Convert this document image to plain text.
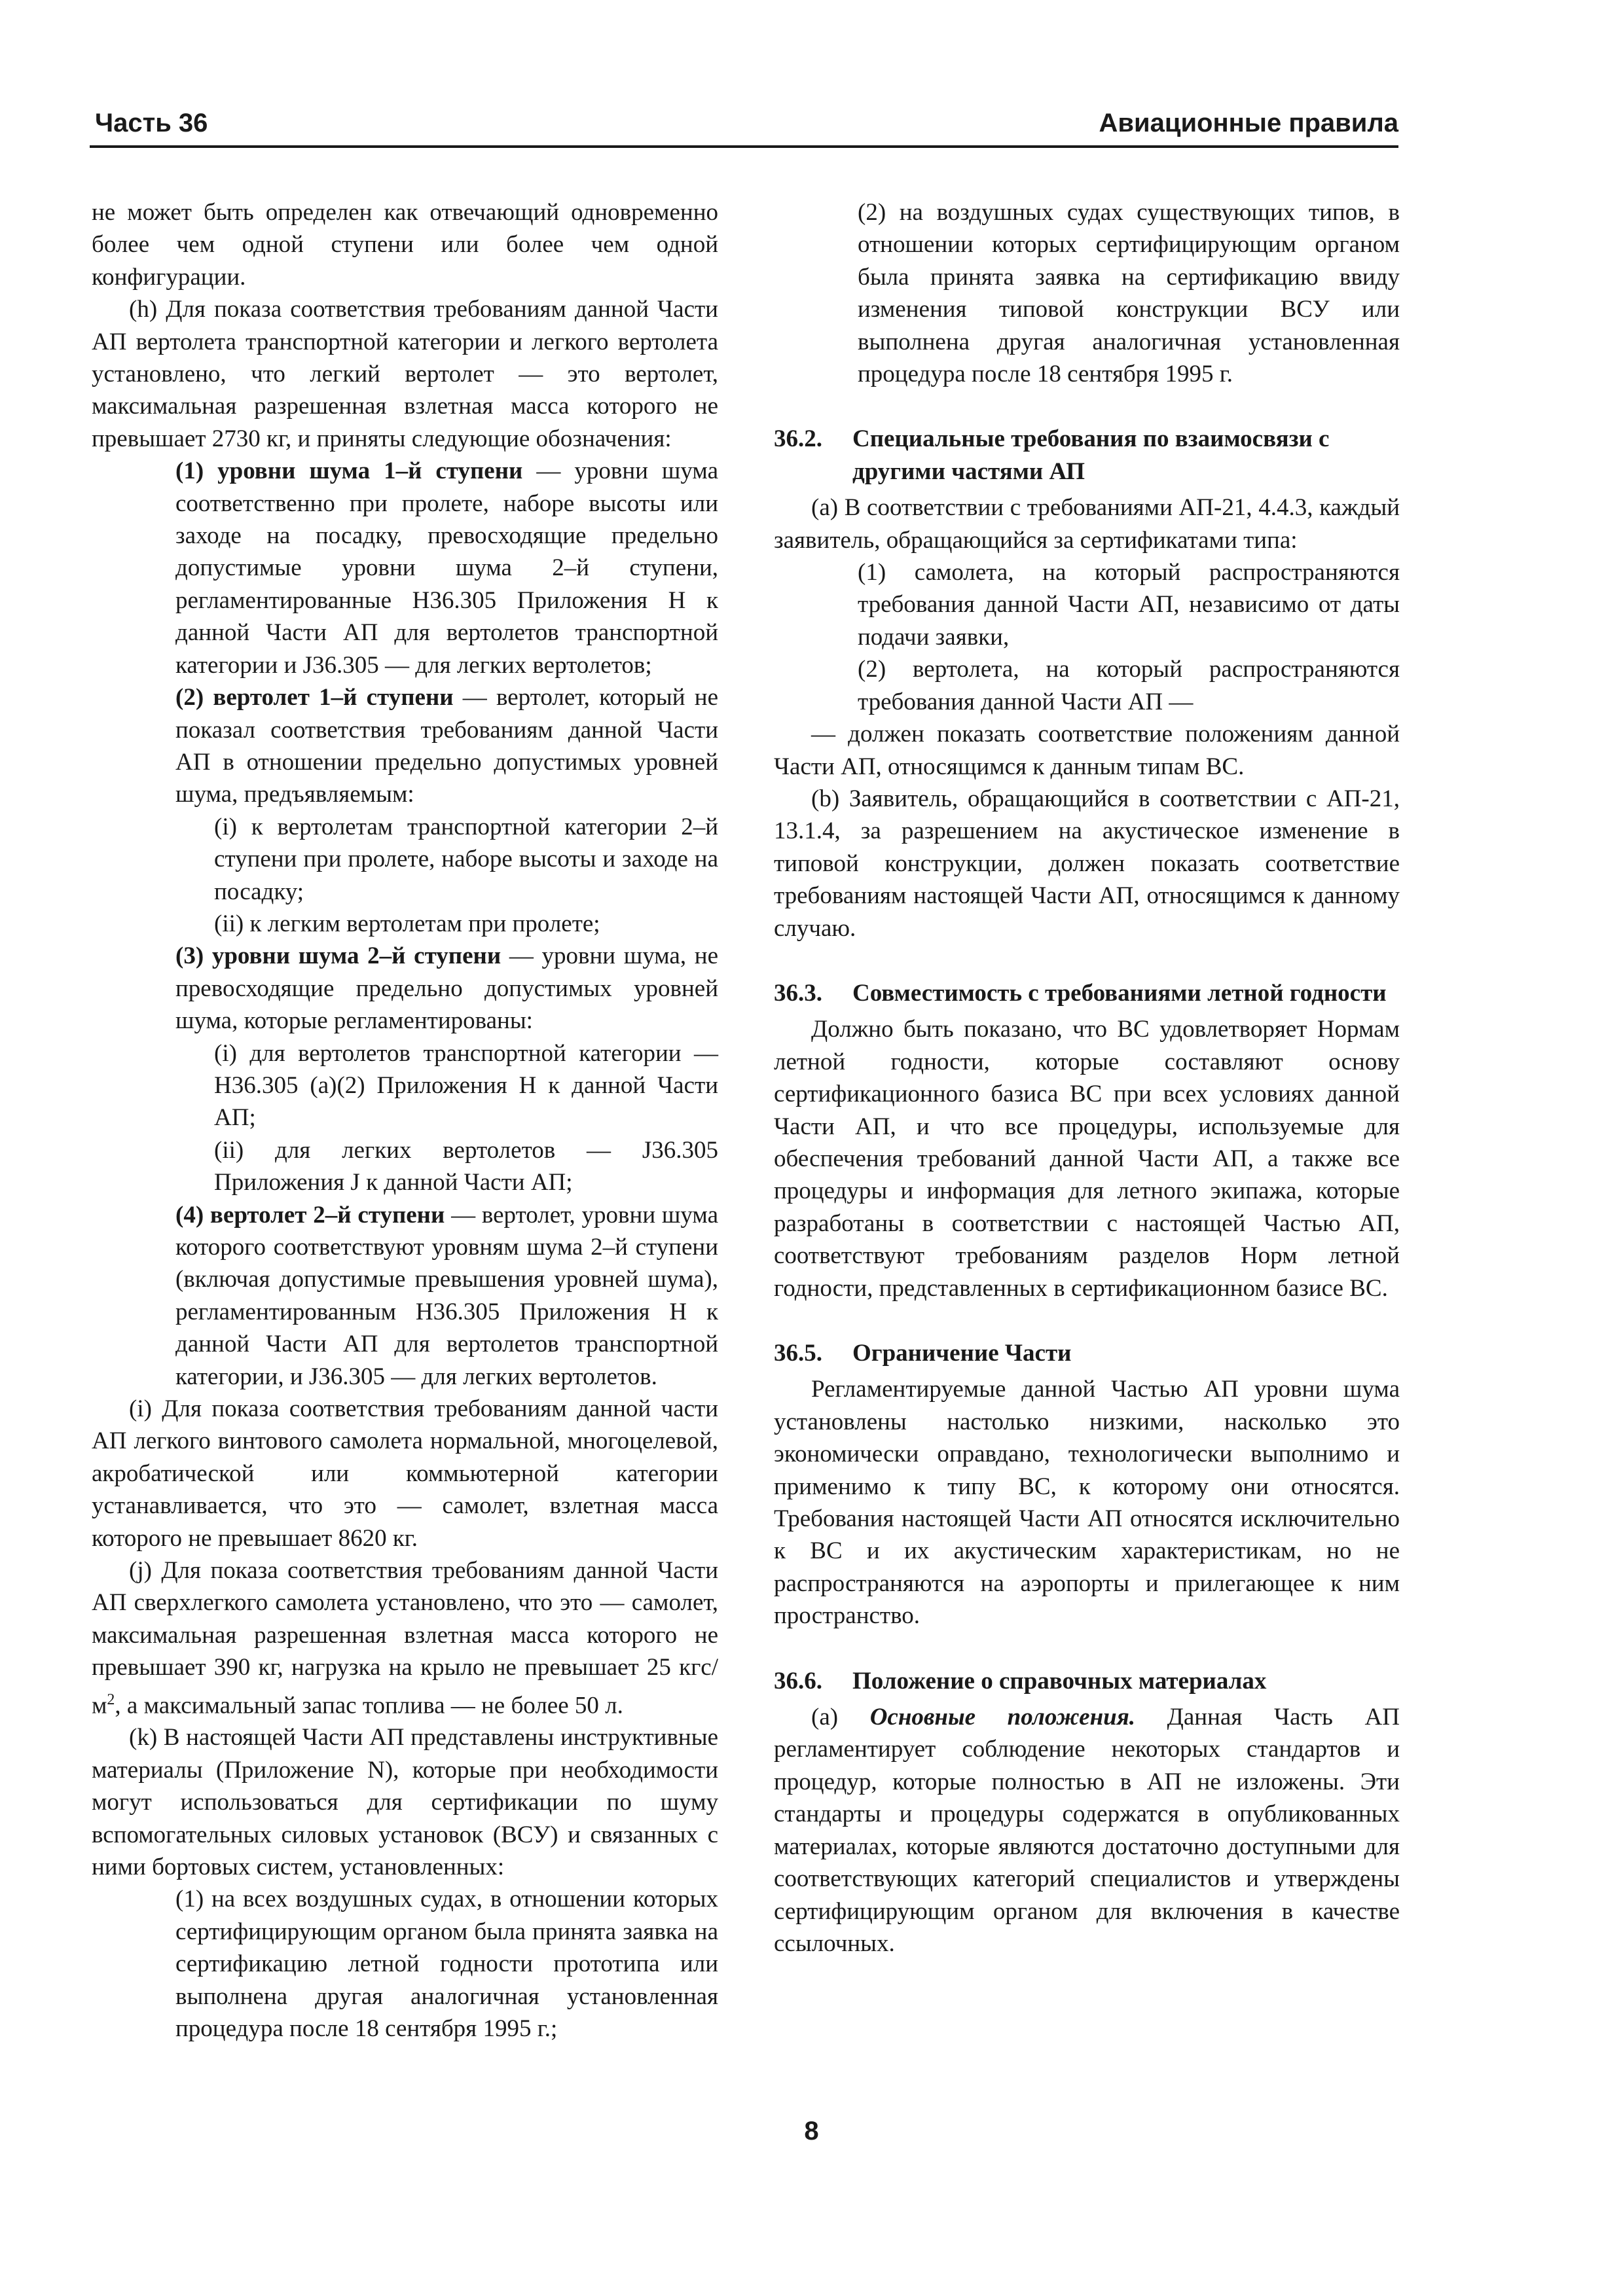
Часть 36	Авиационные правила

не может быть определен как отвечающий одновременно более чем одной ступени или более чем одной конфигурации.

(h) Для показа соответствия требованиям данной Части АП вертолета транспортной категории и легкого вертолета установлено, что легкий вертолет — это вертолет, максимальная разрешенная взлетная масса которого не превышает 2730 кг, и приняты следующие обозначения:

(1) уровни шума 1–й ступени — уровни шума соответственно при пролете, наборе высоты или заходе на посадку, превосходящие предельно допустимые уровни шума 2–й ступени, регламентированные H36.305 Приложения H к данной Части АП для вертолетов транспортной категории и J36.305 — для легких вертолетов;

(2) вертолет 1–й ступени — вертолет, который не показал соответствия требованиям данной Части АП в отношении предельно допустимых уровней шума, предъявляемым:

(i) к вертолетам транспортной категории 2–й ступени при пролете, наборе высоты и заходе на посадку;

(ii) к легким вертолетам при пролете;

(3) уровни шума 2–й ступени — уровни шума, не превосходящие предельно допустимых уровней шума, которые регламентированы:

(i) для вертолетов транспортной категории — H36.305 (a)(2) Приложения H к данной Части АП;

(ii) для легких вертолетов — J36.305 Приложения J к данной Части АП;

(4) вертолет 2–й ступени — вертолет, уровни шума которого соответствуют уровням шума 2–й ступени (включая допустимые превышения уровней шума), регламентированным H36.305 Приложения H к данной Части АП для вертолетов транспортной категории, и J36.305 — для легких вертолетов.

(i) Для показа соответствия требованиям данной части АП легкого винтового самолета нормальной, многоцелевой, акробатической или коммьютерной категории устанавливается, что это — самолет, взлетная масса которого не превышает 8620 кг.

(j) Для показа соответствия требованиям данной Части АП сверхлегкого самолета установлено, что это — самолет, максимальная разрешенная взлетная масса которого не превышает 390 кг, нагрузка на крыло не превышает 25 кгс/$м^2$, а максимальный запас топлива — не более 50 л.

(k) В настоящей Части АП представлены инструктивные материалы (Приложение N), которые при необходимости могут использоваться для сертификации по шуму вспомогательных силовых установок (ВСУ) и связанных с ними бортовых систем, установленных:

(1) на всех воздушных судах, в отношении которых сертифицирующим органом была принята заявка на сертификацию летной годности прототипа или выполнена другая аналогичная установленная процедура после 18 сентября 1995 г.;

(2) на воздушных судах существующих типов, в отношении которых сертифицирующим органом была принята заявка на сертификацию ввиду изменения типовой конструкции ВСУ или выполнена другая аналогичная установленная процедура после 18 сентября 1995 г.

36.2. Специальные требования по взаимосвязи с другими частями АП

(a) В соответствии с требованиями АП-21, 4.4.3, каждый заявитель, обращающийся за сертификатами типа:

(1) самолета, на который распространяются требования данной Части АП, независимо от даты подачи заявки,

(2) вертолета, на который распространяются требования данной Части АП —

— должен показать соответствие положениям данной Части АП, относящимся к данным типам ВС.

(b) Заявитель, обращающийся в соответствии с АП-21, 13.1.4, за разрешением на акустическое изменение в типовой конструкции, должен показать соответствие требованиям настоящей Части АП, относящимся к данному случаю.

36.3. Совместимость с требованиями летной годности

Должно быть показано, что ВС удовлетворяет Нормам летной годности, которые составляют основу сертификационного базиса ВС при всех условиях данной Части АП, и что все процедуры, используемые для обеспечения требований данной Части АП, а также все процедуры и информация для летного экипажа, которые разработаны в соответствии с настоящей Частью АП, соответствуют требованиям разделов Норм летной годности, представленных в сертификационном базисе ВС.

36.5. Ограничение Части

Регламентируемые данной Частью АП уровни шума установлены настолько низкими, насколько это экономически оправдано, технологически выполнимо и применимо к типу ВС, к которому они относятся. Требования настоящей Части АП относятся исключительно к ВС и их акустическим характеристикам, но не распространяются на аэропорты и прилегающее к ним пространство.

36.6. Положение о справочных материалах

(a) Основные положения. Данная Часть АП регламентирует соблюдение некоторых стандартов и процедур, которые полностью в АП не изложены. Эти стандарты и процедуры содержатся в опубликованных материалах, которые являются достаточно доступными для соответствующих категорий специалистов и утверждены сертифицирующим органом для включения в качестве ссылочных.

8
